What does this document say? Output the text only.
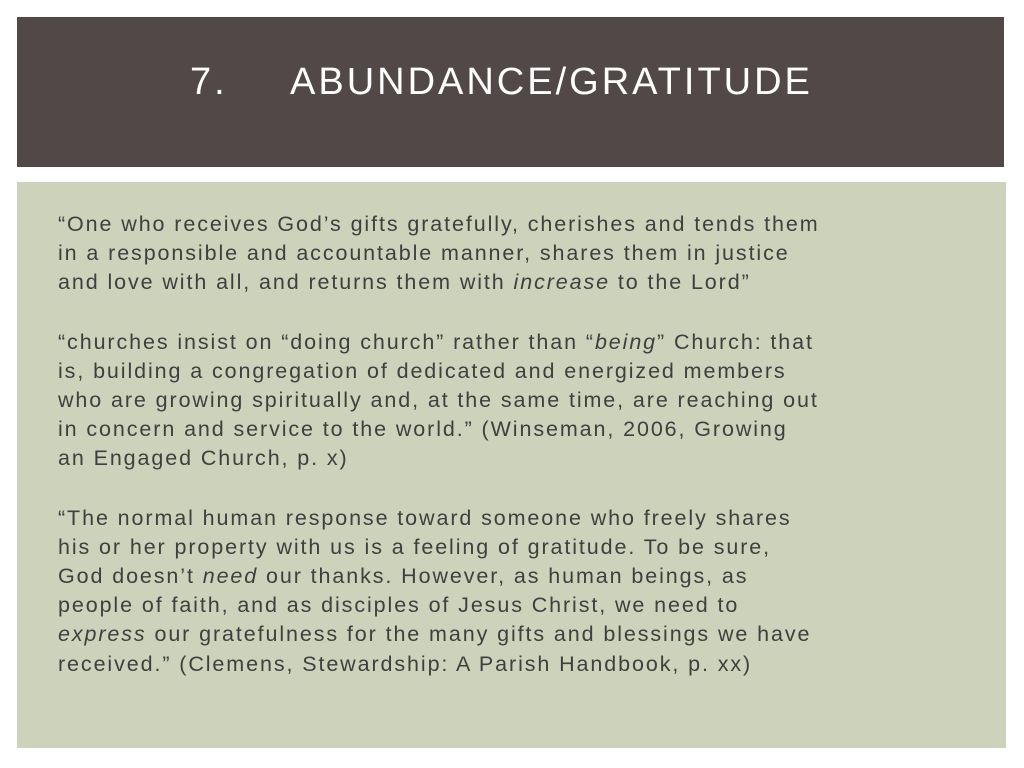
7. ABUNDANCE/GRATITUDE

“One who receives God’s gifts gratefully, cherishes and tends them
in a responsible and accountable manner, shares them in justice
and love with all, and returns them with increase to the Lord”

“churches insist on “doing church” rather than “being” Church: that
is, building a congregation of dedicated and energized members
who are growing spiritually and, at the same time, are reaching out
in concern and service to the world.” (Winseman, 2006, Growing
an Engaged Church, p. x)

“The normal human response toward someone who freely shares
his or her property with us is a feeling of gratitude. To be sure,
God doesn’t need our thanks. However, as human beings, as
people of faith, and as disciples of Jesus Christ, we need to
express our gratefulness for the many gifts and blessings we have
received.” (Clemens, Stewardship: A Parish Handbook, p. xx)
